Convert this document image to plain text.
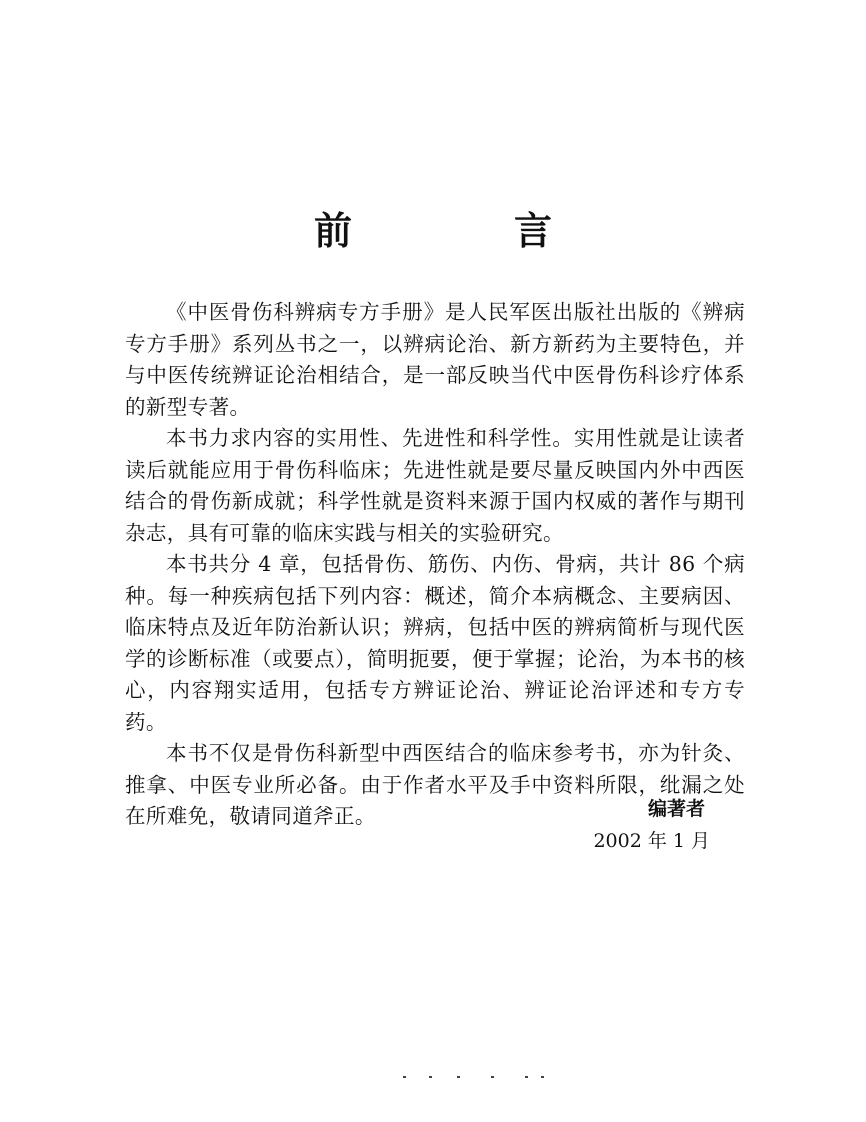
前　言

《中医骨伤科辨病专方手册》是人民军医出版社出版的《辨病专方手册》系列丛书之一，以辨病论治、新方新药为主要特色，并与中医传统辨证论治相结合，是一部反映当代中医骨伤科诊疗体系的新型专著。

本书力求内容的实用性、先进性和科学性。实用性就是让读者读后就能应用于骨伤科临床；先进性就是要尽量反映国内外中西医结合的骨伤新成就；科学性就是资料来源于国内权威的著作与期刊杂志，具有可靠的临床实践与相关的实验研究。

本书共分 4 章，包括骨伤、筋伤、内伤、骨病，共计 86 个病种。每一种疾病包括下列内容：概述，简介本病概念、主要病因、临床特点及近年防治新认识；辨病，包括中医的辨病简析与现代医学的诊断标准（或要点），简明扼要，便于掌握；论治，为本书的核心，内容翔实适用，包括专方辨证论治、辨证论治评述和专方专药。

本书不仅是骨伤科新型中西医结合的临床参考书，亦为针灸、推拿、中医专业所必备。由于作者水平及手中资料所限，纰漏之处在所难免，敬请同道斧正。	编著者
2002 年 1 月
